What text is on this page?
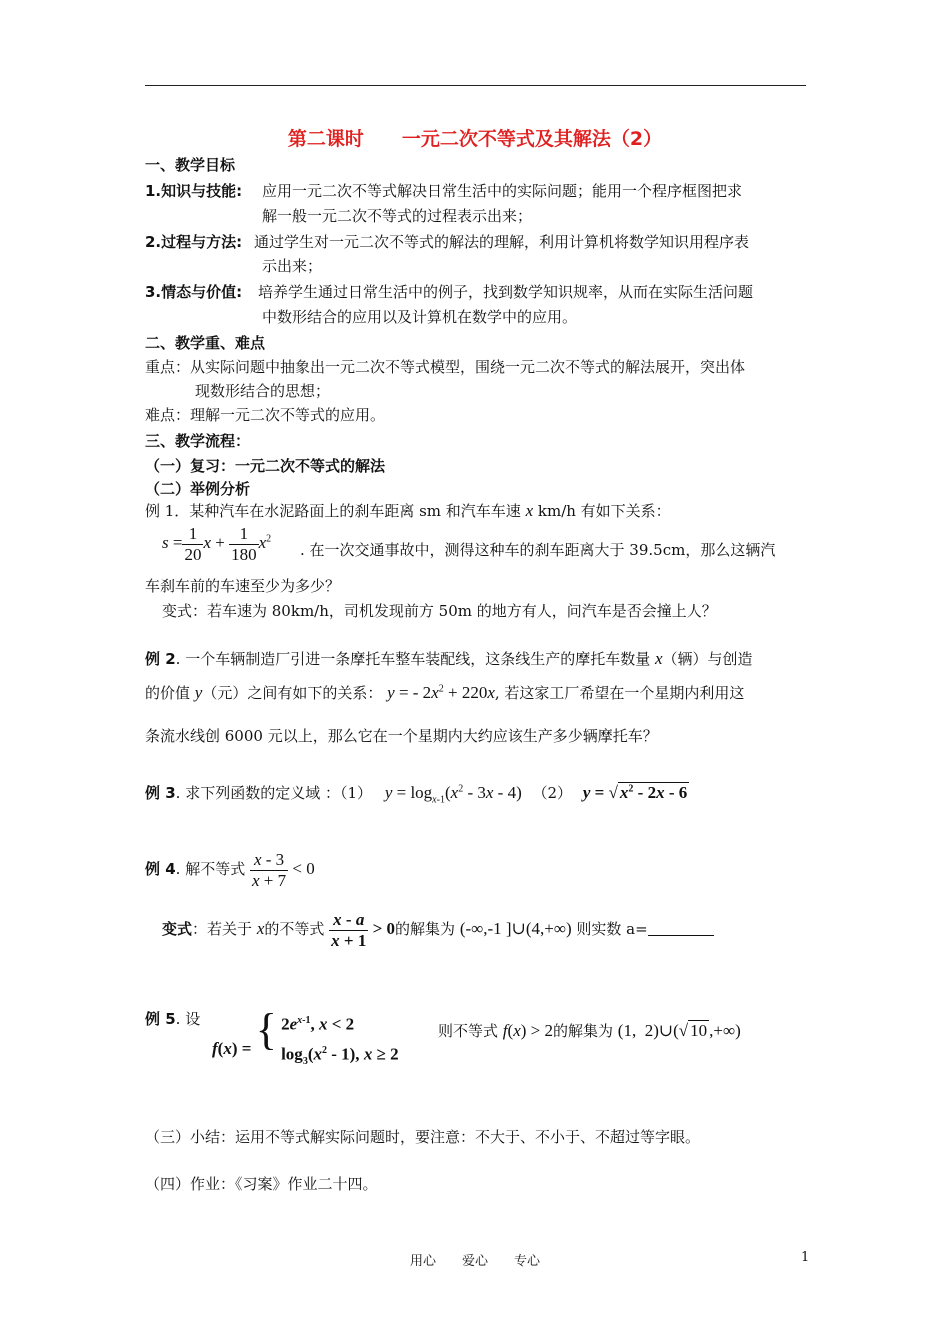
第二课时　　一元二次不等式及其解法（2）
一、教学目标
1.知识与技能: 应用一元二次不等式解决日常生活中的实际问题；能用一个程序框图把求
解一般一元二次不等式的过程表示出来；
2.过程与方法: 通过学生对一元二次不等式的解法的理解，利用计算机将数学知识用程序表
示出来；
3.情态与价值: 培养学生通过日常生活中的例子，找到数学知识规率，从而在实际生活问题
中数形结合的应用以及计算机在数学中的应用。
二、教学重、难点
重点：从实际问题中抽象出一元二次不等式模型，围绕一元二次不等式的解法展开，突出体
现数形结合的思想；
难点：理解一元二次不等式的应用。
三、教学流程：
（一）复习：一元二次不等式的解法
（二）举例分析
例 1．某种汽车在水泥路面上的刹车距离 sm 和汽车车速 x km/h 有如下关系：
$s = \frac{1}{20}$ $x + \frac{1}{180} x^2$
. 在一次交通事故中，测得这种车的刹车距离大于 39.5cm，那么这辆汽
车刹车前的车速至少为多少？
变式：若车速为 80km/h，司机发现前方 50m 的地方有人，问汽车是否会撞上人？
例 2. 一个车辆制造厂引进一条摩托车整车装配线，这条线生产的摩托车数量 x（辆）与创造
的价值 y（元）之间有如下的关系： y = - $2x^2 + 220x$, 若这家工厂希望在一个星期内利用这
条流水线创 6000 元以上，那么它在一个星期内大约应该生产多少辆摩托车？
例 3. 求下列函数的定义域 ：（1） $y = \log_{x-1}(x^2 - 3x - 4)$ （2） y = √ $x^2 - 2x - 6$
例 4. 解不等式 $\frac{x - 3}{x + 7} < 0$
变式：若关于 x的不等式 $\frac{x - a}{x + 1} > 0$的解集为 (-∞,-1 ]∪(4,+∞) 则实数 a=
例 5. 设
f(x) = { $2e^{x-1}$, x < 2
$\log_3(x^2 - 1)$, x ≥ 2
则不等式 f(x) > 2的解集为 (1,  2)∪(√ 10 ,+∞)
（三）小结：运用不等式解实际问题时，要注意：不大于、不小于、不超过等字眼。
（四）作业：《习案》作业二十四。
用心　　爱心　　专心	1
